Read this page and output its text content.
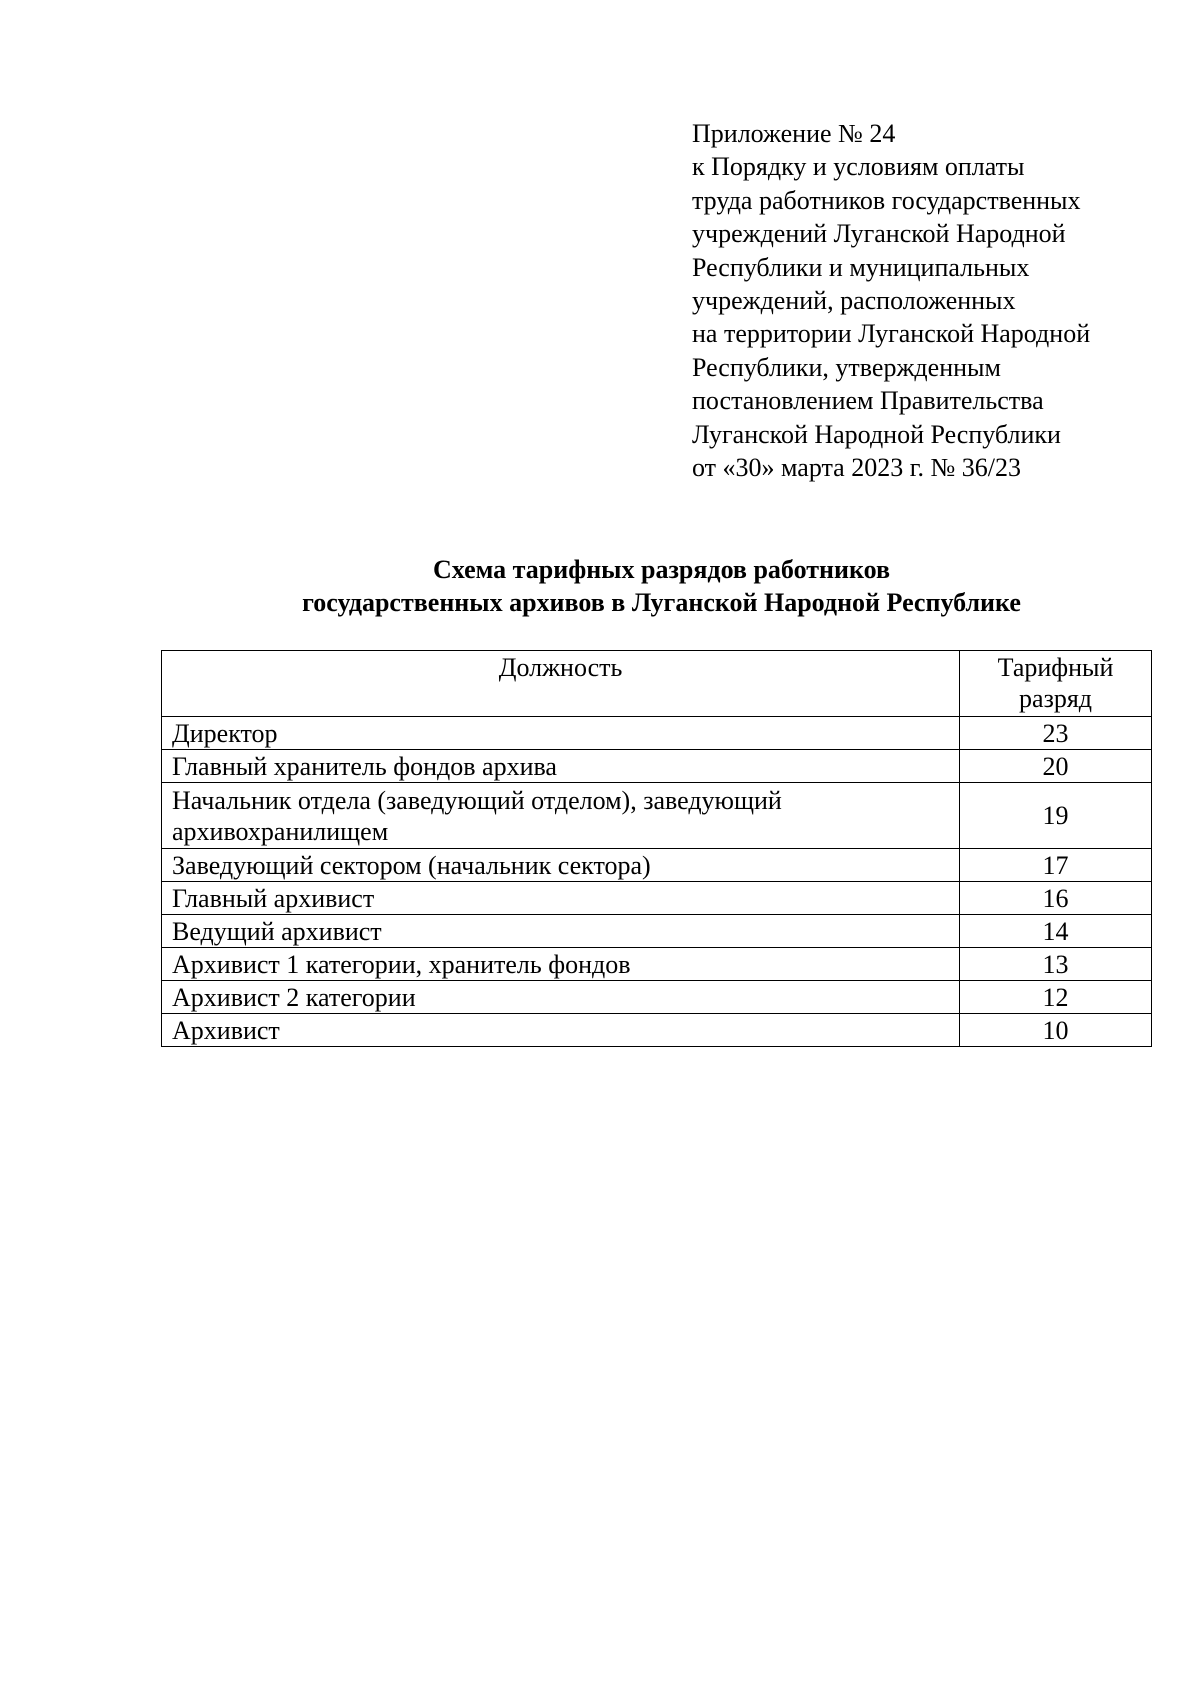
Приложение № 24
к Порядку и условиям оплаты
труда работников государственных
учреждений Луганской Народной
Республики и муниципальных
учреждений, расположенных
на территории Луганской Народной
Республики, утвержденным
постановлением Правительства
Луганской Народной Республики
от «30» марта 2023 г. № 36/23
Схема тарифных разрядов работников
государственных архивов в Луганской Народной Республике
Должность	Тарифный
разряд
Директор	23
Главный хранитель фондов архива	20
Начальник отдела (заведующий отделом), заведующий
архивохранилищем	19
Заведующий сектором (начальник сектора)	17
Главный архивист	16
Ведущий архивист	14
Архивист 1 категории, хранитель фондов	13
Архивист 2 категории	12
Архивист	10
